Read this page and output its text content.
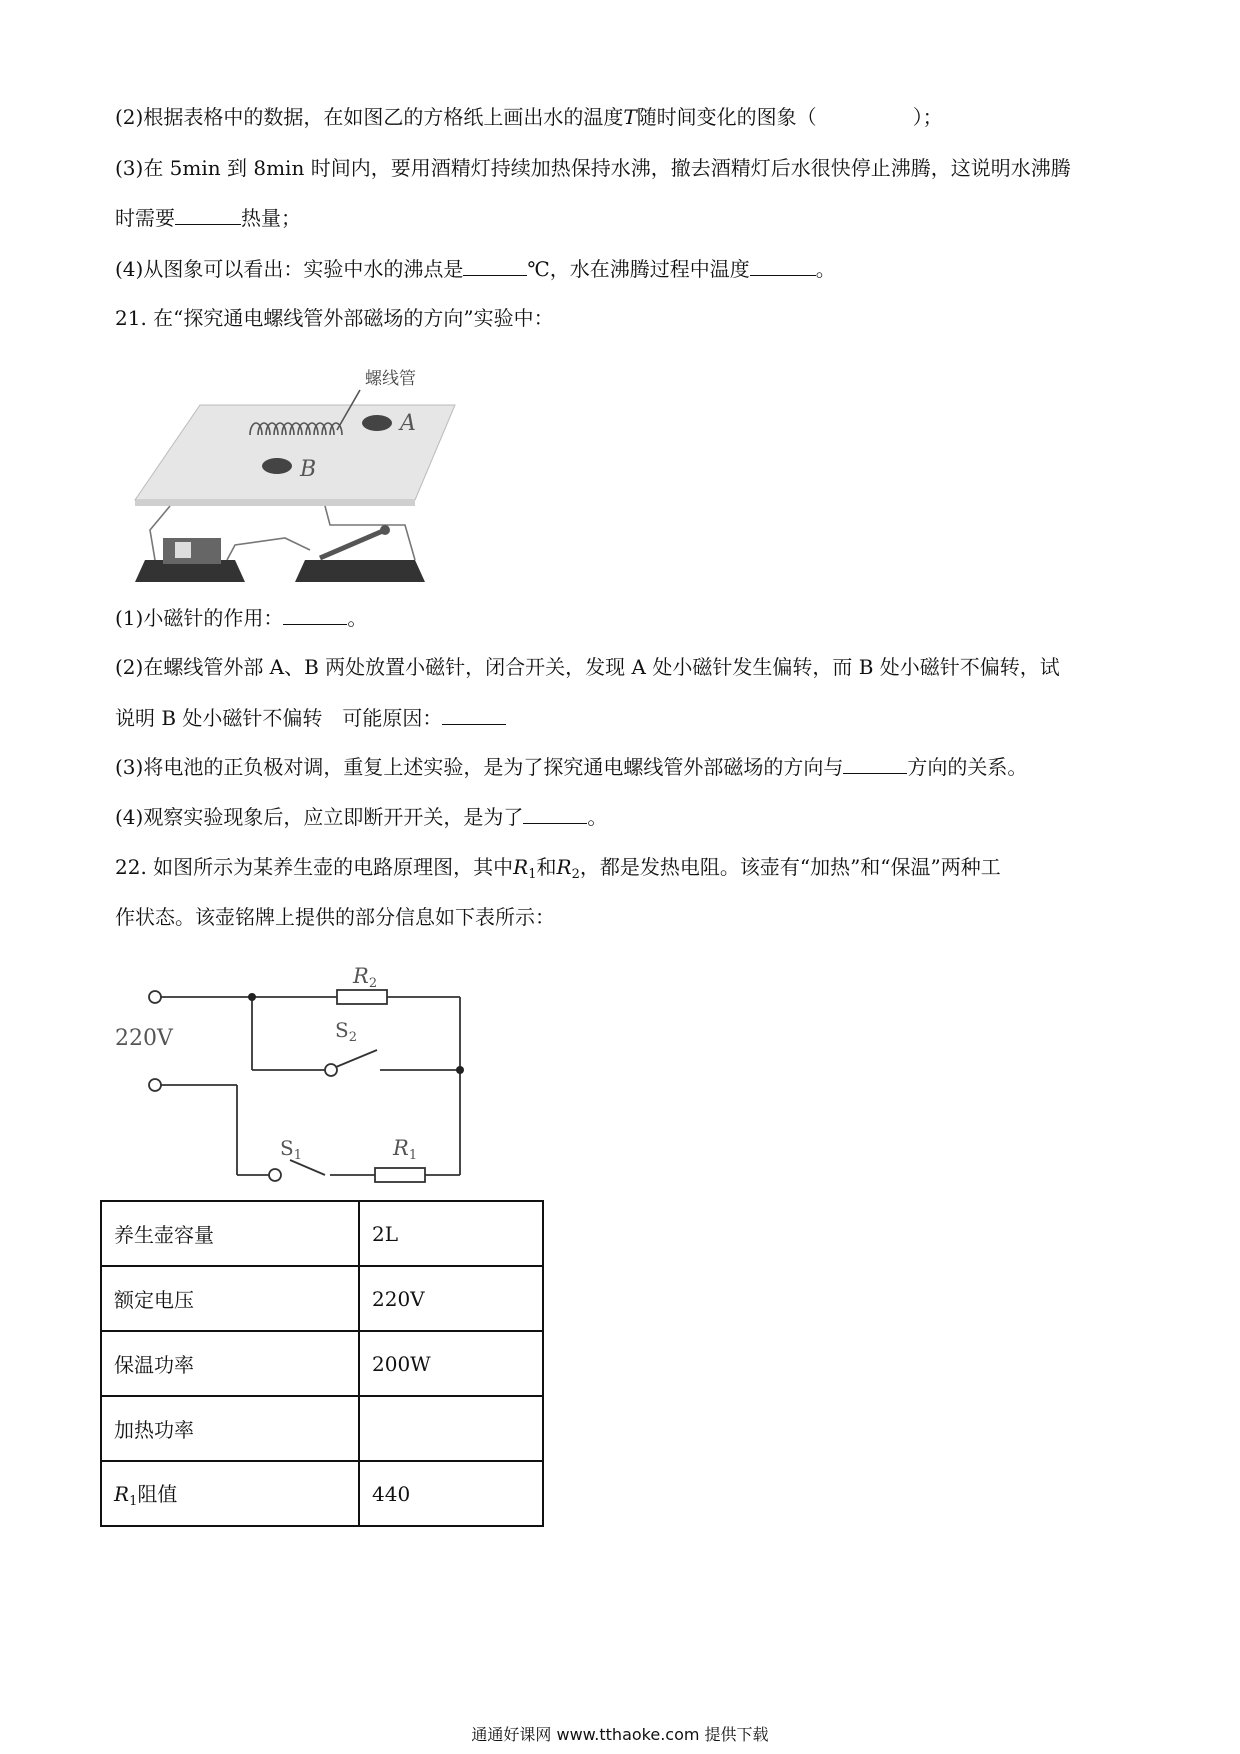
(2)根据表格中的数据，在如图乙的方格纸上画出水的温度T随时间变化的图象（	）；
(3)在 5min 到 8min 时间内，要用酒精灯持续加热保持水沸，撤去酒精灯后水很快停止沸腾，这说明水沸腾
时需要	热量；
(4)从图象可以看出：实验中水的沸点是	℃，水在沸腾过程中温度	。
21. 在“探究通电螺线管外部磁场的方向”实验中：
螺线管
A
B
(1)小磁针的作用：	。
(2)在螺线管外部 A、B 两处放置小磁针，闭合开关，发现 A 处小磁针发生偏转，而 B 处小磁针不偏转，试
说明 B 处小磁针不偏转 可能原因：
(3)将电池的正负极对调，重复上述实验，是为了探究通电螺线管外部磁场的方向与	方向的关系。
(4)观察实验现象后，应立即断开开关，是为了	。
22. 如图所示为某养生壶的电路原理图，其中$R_1$和$R_2$，都是发热电阻。该壶有“加热”和“保温”两种工
作状态。该壶铭牌上提供的部分信息如下表所示：
220V
R2
$S_2$
$S_1$	R1
养生壶容量	2L
额定电压	220V
保温功率	200W
加热功率	
$R_1$阻值	440
通通好课网 www.tthaoke.com 提供下载
